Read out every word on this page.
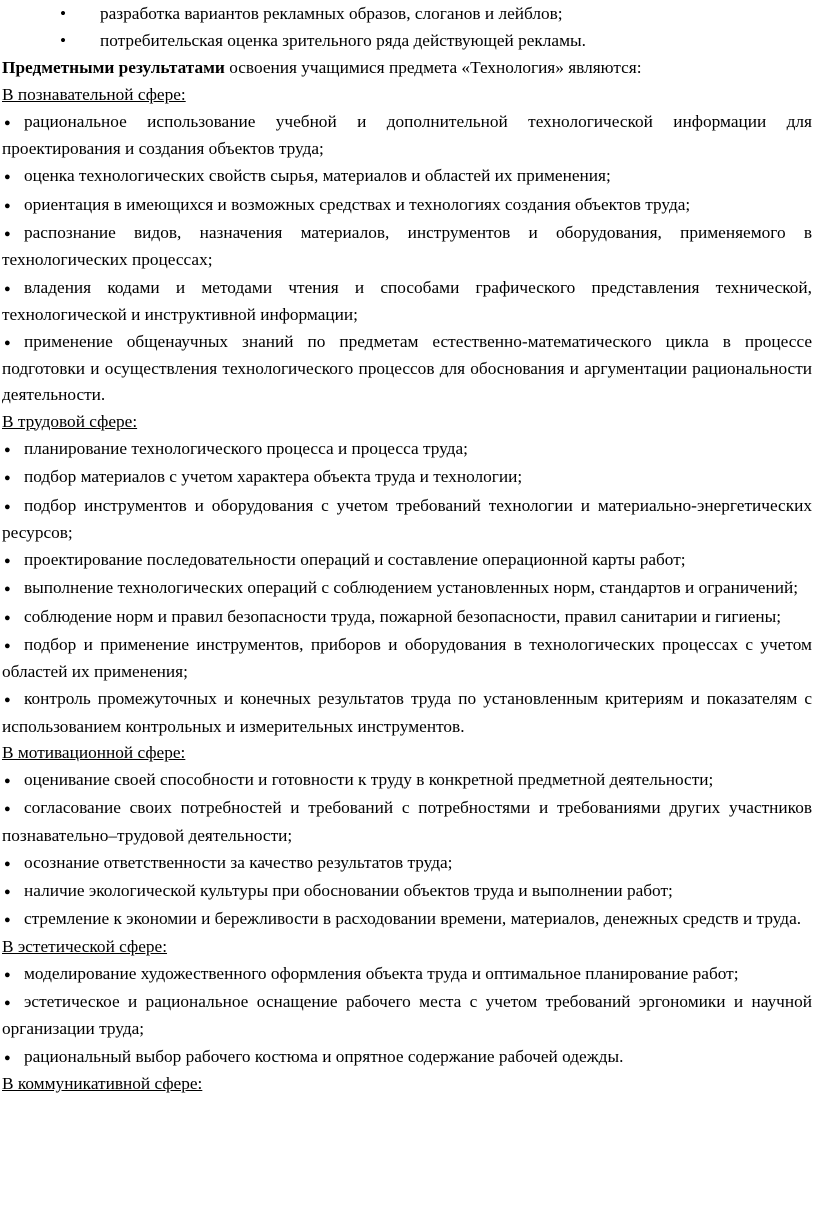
• разработка вариантов рекламных образов, слоганов и лейблов;
• потребительская оценка зрительного ряда действующей рекламы.

Предметными результатами освоения учащимися предмета «Технология» являются:

В познавательной сфере:

● рациональное использование учебной и дополнительной технологической информации для проектирования и создания объектов труда;
● оценка технологических свойств сырья, материалов и областей их применения;
● ориентация в имеющихся и возможных средствах и технологиях создания объектов труда;
● распознание видов, назначения материалов, инструментов и оборудования, применяемого в технологических процессах;
● владения кодами и методами чтения и способами графического представления технической, технологической и инструктивной информации;
● применение общенаучных знаний по предметам естественно-математического цикла в процессе подготовки и осуществления технологического процессов для обоснования и аргументации рациональности деятельности.

В трудовой сфере:

● планирование технологического процесса и процесса труда;
● подбор материалов с учетом характера объекта труда и технологии;
● подбор инструментов и оборудования с учетом требований технологии и материально-энергетических ресурсов;
● проектирование последовательности операций и составление операционной карты работ;
● выполнение технологических операций с соблюдением установленных норм, стандартов и ограничений;
● соблюдение норм и правил безопасности труда, пожарной безопасности, правил санитарии и гигиены;
● подбор и применение инструментов, приборов и оборудования в технологических процессах с учетом областей их применения;
● контроль промежуточных и конечных результатов труда по установленным критериям и показателям с использованием контрольных и измерительных инструментов.

В мотивационной сфере:

● оценивание своей способности и готовности к труду в конкретной предметной деятельности;
● согласование своих потребностей и требований с потребностями и требованиями других участников познавательно–трудовой деятельности;
● осознание ответственности за качество результатов труда;
● наличие экологической культуры при обосновании объектов труда и выполнении работ;
● стремление к экономии и бережливости в расходовании времени, материалов, денежных средств и труда.

В эстетической сфере:

● моделирование художественного оформления объекта труда и оптимальное планирование работ;
● эстетическое и рациональное оснащение рабочего места с учетом требований эргономики и научной организации труда;
● рациональный выбор рабочего костюма и опрятное содержание рабочей одежды.

В коммуникативной сфере:
